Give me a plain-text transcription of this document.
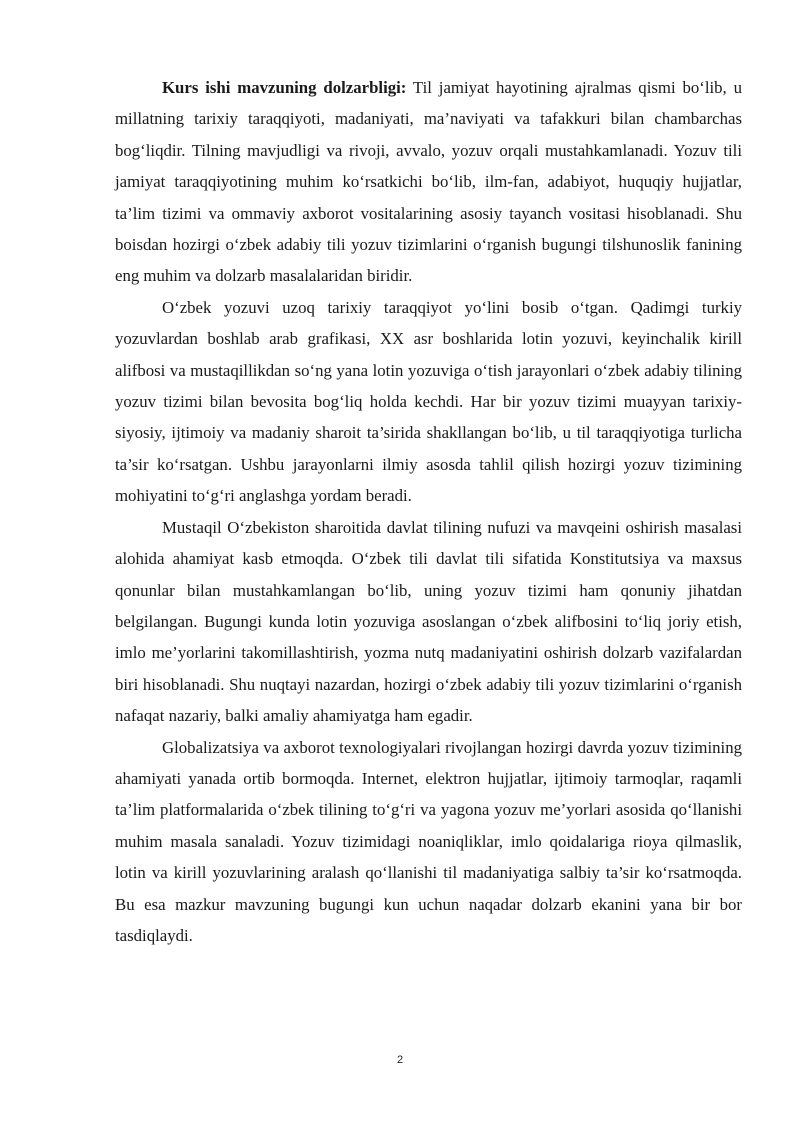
Kurs ishi mavzuning dolzarbligi: Til jamiyat hayotining ajralmas qismi bo‘lib, u millatning tarixiy taraqqiyoti, madaniyati, ma’naviyati va tafakkuri bilan chambarchas bog‘liqdir. Tilning mavjudligi va rivoji, avvalo, yozuv orqali mustahkamlanadi. Yozuv tili jamiyat taraqqiyotining muhim ko‘rsatkichi bo‘lib, ilm-fan, adabiyot, huquqiy hujjatlar, ta’lim tizimi va ommaviy axborot vositalarining asosiy tayanch vositasi hisoblanadi. Shu boisdan hozirgi o‘zbek adabiy tili yozuv tizimlarini o‘rganish bugungi tilshunoslik fanining eng muhim va dolzarb masalalaridan biridir.

O‘zbek yozuvi uzoq tarixiy taraqqiyot yo‘lini bosib o‘tgan. Qadimgi turkiy yozuvlardan boshlab arab grafikasi, XX asr boshlarida lotin yozuvi, keyinchalik kirill alifbosi va mustaqillikdan so‘ng yana lotin yozuviga o‘tish jarayonlari o‘zbek adabiy tilining yozuv tizimi bilan bevosita bog‘liq holda kechdi. Har bir yozuv tizimi muayyan tarixiy-siyosiy, ijtimoiy va madaniy sharoit ta’sirida shakllangan bo‘lib, u til taraqqiyotiga turlicha ta’sir ko‘rsatgan. Ushbu jarayonlarni ilmiy asosda tahlil qilish hozirgi yozuv tizimining mohiyatini to‘g‘ri anglashga yordam beradi.

Mustaqil O‘zbekiston sharoitida davlat tilining nufuzi va mavqeini oshirish masalasi alohida ahamiyat kasb etmoqda. O‘zbek tili davlat tili sifatida Konstitutsiya va maxsus qonunlar bilan mustahkamlangan bo‘lib, uning yozuv tizimi ham qonuniy jihatdan belgilangan. Bugungi kunda lotin yozuviga asoslangan o‘zbek alifbosini to‘liq joriy etish, imlo me’yorlarini takomillashtirish, yozma nutq madaniyatini oshirish dolzarb vazifalardan biri hisoblanadi. Shu nuqtayi nazardan, hozirgi o‘zbek adabiy tili yozuv tizimlarini o‘rganish nafaqat nazariy, balki amaliy ahamiyatga ham egadir.

Globalizatsiya va axborot texnologiyalari rivojlangan hozirgi davrda yozuv tizimining ahamiyati yanada ortib bormoqda. Internet, elektron hujjatlar, ijtimoiy tarmoqlar, raqamli ta’lim platformalarida o‘zbek tilining to‘g‘ri va yagona yozuv me’yorlari asosida qo‘llanishi muhim masala sanaladi. Yozuv tizimidagi noaniqliklar, imlo qoidalariga rioya qilmaslik, lotin va kirill yozuvlarining aralash qo‘llanishi til madaniyatiga salbiy ta’sir ko‘rsatmoqda. Bu esa mazkur mavzuning bugungi kun uchun naqadar dolzarb ekanini yana bir bor tasdiqlaydi.

2
